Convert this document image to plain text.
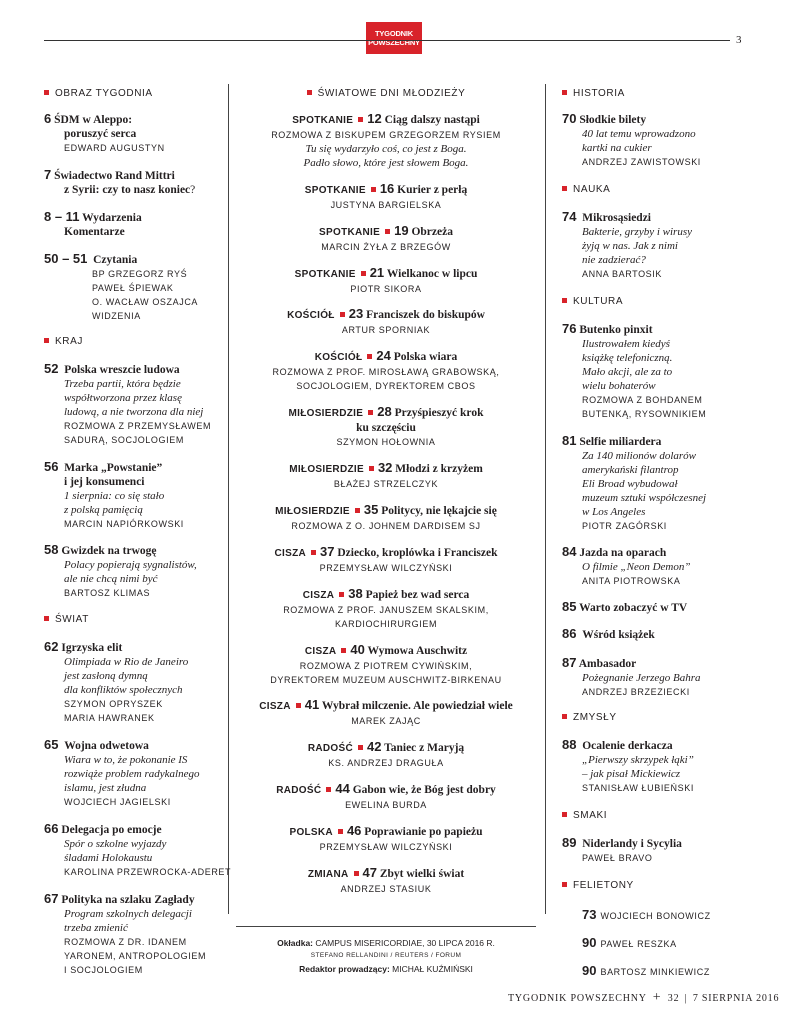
TYGODNIK
POWSZECHNY	3
OBRAZ TYGODNIA
6 ŚDM w Aleppo:
poruszyć serca
EDWARD AUGUSTYN
7 Świadectwo Rand Mittri
z Syrii: czy to nasz koniec?
8 – 11 Wydarzenia
Komentarze
50 – 51 Czytania
BP GRZEGORZ RYŚ
PAWEŁ ŚPIEWAK
O. WACŁAW OSZAJCA
WIDZENIA
KRAJ
52 Polska wreszcie ludowa
Trzeba partii, która będzie
współtworzona przez klasę
ludową, a nie tworzona dla niej
ROZMOWA Z PRZEMYSŁAWEM
SADURĄ, SOCJOLOGIEM
56 Marka „Powstanie”
i jej konsumenci
1 sierpnia: co się stało
z polską pamięcią
MARCIN NAPIÓRKOWSKI
58 Gwizdek na trwogę
Polacy popierają sygnalistów,
ale nie chcą nimi być
BARTOSZ KLIMAS
ŚWIAT
62 Igrzyska elit
Olimpiada w Rio de Janeiro
jest zasłoną dymną
dla konfliktów społecznych
SZYMON OPRYSZEK
MARIA HAWRANEK
65 Wojna odwetowa
Wiara w to, że pokonanie IS
rozwiąże problem radykalnego
islamu, jest złudna
WOJCIECH JAGIELSKI
66 Delegacja po emocje
Spór o szkolne wyjazdy
śladami Holokaustu
KAROLINA PRZEWROCKA-ADERET
67 Polityka na szlaku Zagłady
Program szkolnych delegacji
trzeba zmienić
ROZMOWA Z DR. IDANEM
YARONEM, ANTROPOLOGIEM
I SOCJOLOGIEM
ŚWIATOWE DNI MŁODZIEŻY
SPOTKANIE 12 Ciąg dalszy nastąpi
ROZMOWA Z BISKUPEM GRZEGORZEM RYSIEM
Tu się wydarzyło coś, co jest z Boga.
Padło słowo, które jest słowem Boga.
SPOTKANIE 16 Kurier z perłą
JUSTYNA BARGIELSKA
SPOTKANIE 19 Obrzeża
MARCIN ŻYŁA Z BRZEGÓW
SPOTKANIE 21 Wielkanoc w lipcu
PIOTR SIKORA
KOŚCIÓŁ 23 Franciszek do biskupów
ARTUR SPORNIAK
KOŚCIÓŁ 24 Polska wiara
ROZMOWA Z PROF. MIROSŁAWĄ GRABOWSKĄ,
SOCJOLOGIEM, DYREKTOREM CBOS
MIŁOSIERDZIE 28 Przyśpieszyć krok
ku szczęściu
SZYMON HOŁOWNIA
MIŁOSIERDZIE 32 Młodzi z krzyżem
BŁAŻEJ STRZELCZYK
MIŁOSIERDZIE 35 Politycy, nie lękajcie się
ROZMOWA Z O. JOHNEM DARDISEM SJ
CISZA 37 Dziecko, kroplówka i Franciszek
PRZEMYSŁAW WILCZYŃSKI
CISZA 38 Papież bez wad serca
ROZMOWA Z PROF. JANUSZEM SKALSKIM,
KARDIOCHIRURGIEM
CISZA 40 Wymowa Auschwitz
ROZMOWA Z PIOTREM CYWIŃSKIM,
DYREKTOREM MUZEUM AUSCHWITZ-BIRKENAU
CISZA 41 Wybrał milczenie. Ale powiedział wiele
MAREK ZAJĄC
RADOŚĆ 42 Taniec z Maryją
KS. ANDRZEJ DRAGUŁA
RADOŚĆ 44 Gabon wie, że Bóg jest dobry
EWELINA BURDA
POLSKA 46 Poprawianie po papieżu
PRZEMYSŁAW WILCZYŃSKI
ZMIANA 47 Zbyt wielki świat
ANDRZEJ STASIUK
Okładka: CAMPUS MISERICORDIAE, 30 LIPCA 2016 R.
STEFANO RELLANDINI / REUTERS / FORUM
Redaktor prowadzący: MICHAŁ KUŹMIŃSKI
HISTORIA
70 Słodkie bilety
40 lat temu wprowadzono
kartki na cukier
ANDRZEJ ZAWISTOWSKI
NAUKA
74 Mikrosąsiedzi
Bakterie, grzyby i wirusy
żyją w nas. Jak z nimi
nie zadzierać?
ANNA BARTOSIK
KULTURA
76 Butenko pinxit
Ilustrowałem kiedyś
książkę telefoniczną.
Mało akcji, ale za to
wielu bohaterów
ROZMOWA Z BOHDANEM
BUTENKĄ, RYSOWNIKIEM
81 Selfie miliardera
Za 140 milionów dolarów
amerykański filantrop
Eli Broad wybudował
muzeum sztuki współczesnej
w Los Angeles
PIOTR ZAGÓRSKI
84 Jazda na oparach
O filmie „Neon Demon”
ANITA PIOTROWSKA
85 Warto zobaczyć w TV
86 Wśród książek
87 Ambasador
Pożegnanie Jerzego Bahra
ANDRZEJ BRZEZIECKI
ZMYSŁY
88 Ocalenie derkacza
„Pierwszy skrzypek łąki”
– jak pisał Mickiewicz
STANISŁAW ŁUBIEŃSKI
SMAKI
89 Niderlandy i Sycylia
PAWEŁ BRAVO
FELIETONY
73 WOJCIECH BONOWICZ
90 PAWEŁ RESZKA
90 BARTOSZ MINKIEWICZ
TYGODNIK POWSZECHNY + 32 | 7 SIERPNIA 2016
